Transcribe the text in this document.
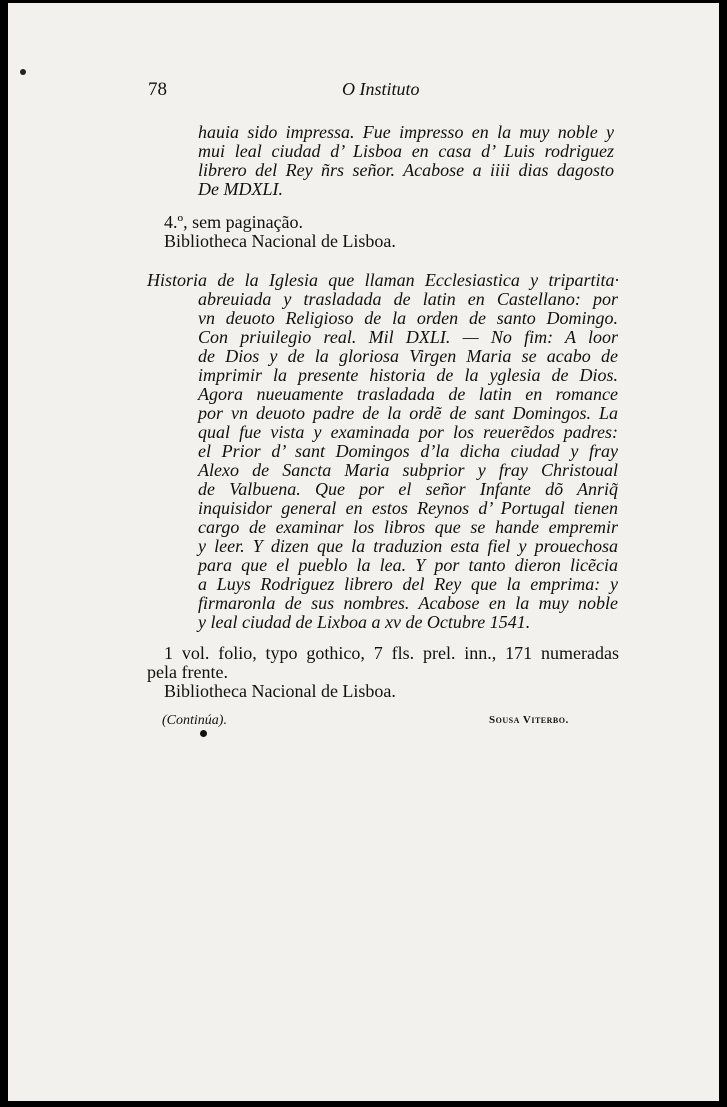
78	O Instituto
hauia sido impressa. Fue impresso en la muy noble y
mui leal ciudad d’ Lisboa en casa d’ Luis rodriguez
librero del Rey ñrs señor. Acabose a iiii dias dagosto
De MDXLI.
4.º, sem paginação.
Bibliotheca Nacional de Lisboa.
Historia de la Iglesia que llaman Ecclesiastica y tripartita·
abreuiada y trasladada de latin en Castellano: por
vn deuoto Religioso de la orden de santo Domingo.
Con priuilegio real. Mil DXLI. — No fim: A loor
de Dios y de la gloriosa Virgen Maria se acabo de
imprimir la presente historia de la yglesia de Dios.
Agora nueuamente trasladada de latin en romance
por vn deuoto padre de la ordẽ de sant Domingos. La
qual fue vista y examinada por los reuerẽdos padres:
el Prior d’ sant Domingos d’la dicha ciudad y fray
Alexo de Sancta Maria subprior y fray Christoual
de Valbuena. Que por el señor Infante dõ Anriq̃
inquisidor general en estos Reynos d’ Portugal tienen
cargo de examinar los libros que se hande empremir
y leer. Y dizen que la traduzion esta fiel y prouechosa
para que el pueblo la lea. Y por tanto dieron licẽcia
a Luys Rodriguez librero del Rey que la emprima: y
firmaronla de sus nombres. Acabose en la muy noble
y leal ciudad de Lixboa a xv de Octubre 1541.
1 vol. folio, typo gothico, 7 fls. prel. inn., 171 numeradas
pela frente.
Bibliotheca Nacional de Lisboa.
(Continúa).	Sousa Viterbo.
